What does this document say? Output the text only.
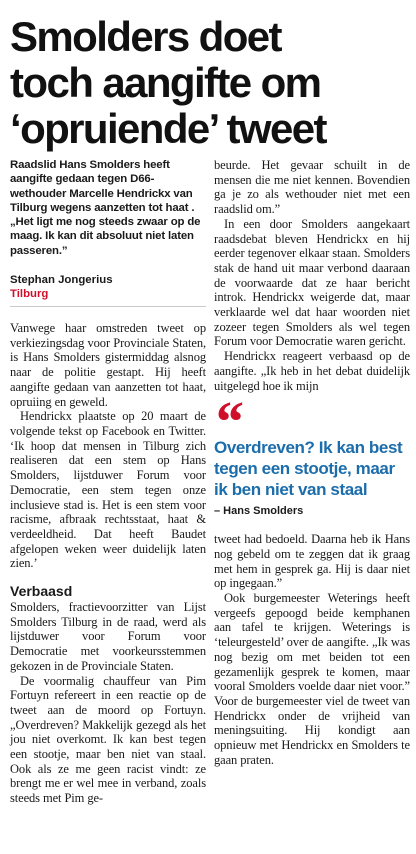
Smolders doet
toch aangifte om
‘opruiende’ tweet

Raadslid Hans Smolders heeft aangifte gedaan tegen D66-wethouder Marcelle Hendrickx van Tilburg wegens aanzetten tot haat . „Het ligt me nog steeds zwaar op de maag. Ik kan dit absoluut niet laten passeren.”

Stephan Jongerius
Tilburg

Vanwege haar omstreden tweet op verkiezingsdag voor Provinciale Staten, is Hans Smolders gistermiddag alsnog naar de politie gestapt. Hij heeft aangifte gedaan van aanzetten tot haat, opruiing en geweld.

Hendrickx plaatste op 20 maart de volgende tekst op Facebook en Twitter. ‘Ik hoop dat mensen in Tilburg zich realiseren dat een stem op Hans Smolders, lijstduwer Forum voor Democratie, een stem tegen onze inclusieve stad is. Het is een stem voor racisme, afbraak rechtsstaat, haat & verdeeldheid. Dat heeft Baudet afgelopen weken weer duidelijk laten zien.’

Verbaasd

Smolders, fractievoorzitter van Lijst Smolders Tilburg in de raad, werd als lijstduwer voor Forum voor Democratie met voorkeursstemmen gekozen in de Provinciale Staten.

De voormalig chauffeur van Pim Fortuyn refereert in een reactie op de tweet aan de moord op Fortuyn. „Overdreven? Makkelijk gezegd als het jou niet overkomt. Ik kan best tegen een stootje, maar ben niet van staal. Ook als ze me geen racist vindt: ze brengt me er wel mee in verband, zoals steeds met Pim ge-

beurde. Het gevaar schuilt in de mensen die me niet kennen. Bovendien ga je zo als wethouder niet met een raadslid om.”

In een door Smolders aangekaart raadsdebat bleven Hendrickx en hij eerder tegenover elkaar staan. Smolders stak de hand uit maar verbond daaraan de voorwaarde dat ze haar bericht introk. Hendrickx weigerde dat, maar verklaarde wel dat haar woorden niet zozeer tegen Smolders als wel tegen Forum voor Democratie waren gericht.

Hendrickx reageert verbaasd op de aangifte. „Ik heb in het debat duidelijk uitgelegd hoe ik mijn

‘‘
Overdreven? Ik kan best tegen een stootje, maar ik ben niet van staal
– Hans Smolders

tweet had bedoeld. Daarna heb ik Hans nog gebeld om te zeggen dat ik graag met hem in gesprek ga. Hij is daar niet op ingegaan.”

Ook burgemeester Weterings heeft vergeefs gepoogd beide kemphanen aan tafel te krijgen. Weterings is ‘teleurgesteld’ over de aangifte. „Ik was nog bezig om met beiden tot een gezamenlijk gesprek te komen, maar vooral Smolders voelde daar niet voor.” Voor de burgemeester viel de tweet van Hendrickx onder de vrijheid van meningsuiting. Hij kondigt aan opnieuw met Hendrickx en Smolders te gaan praten.
